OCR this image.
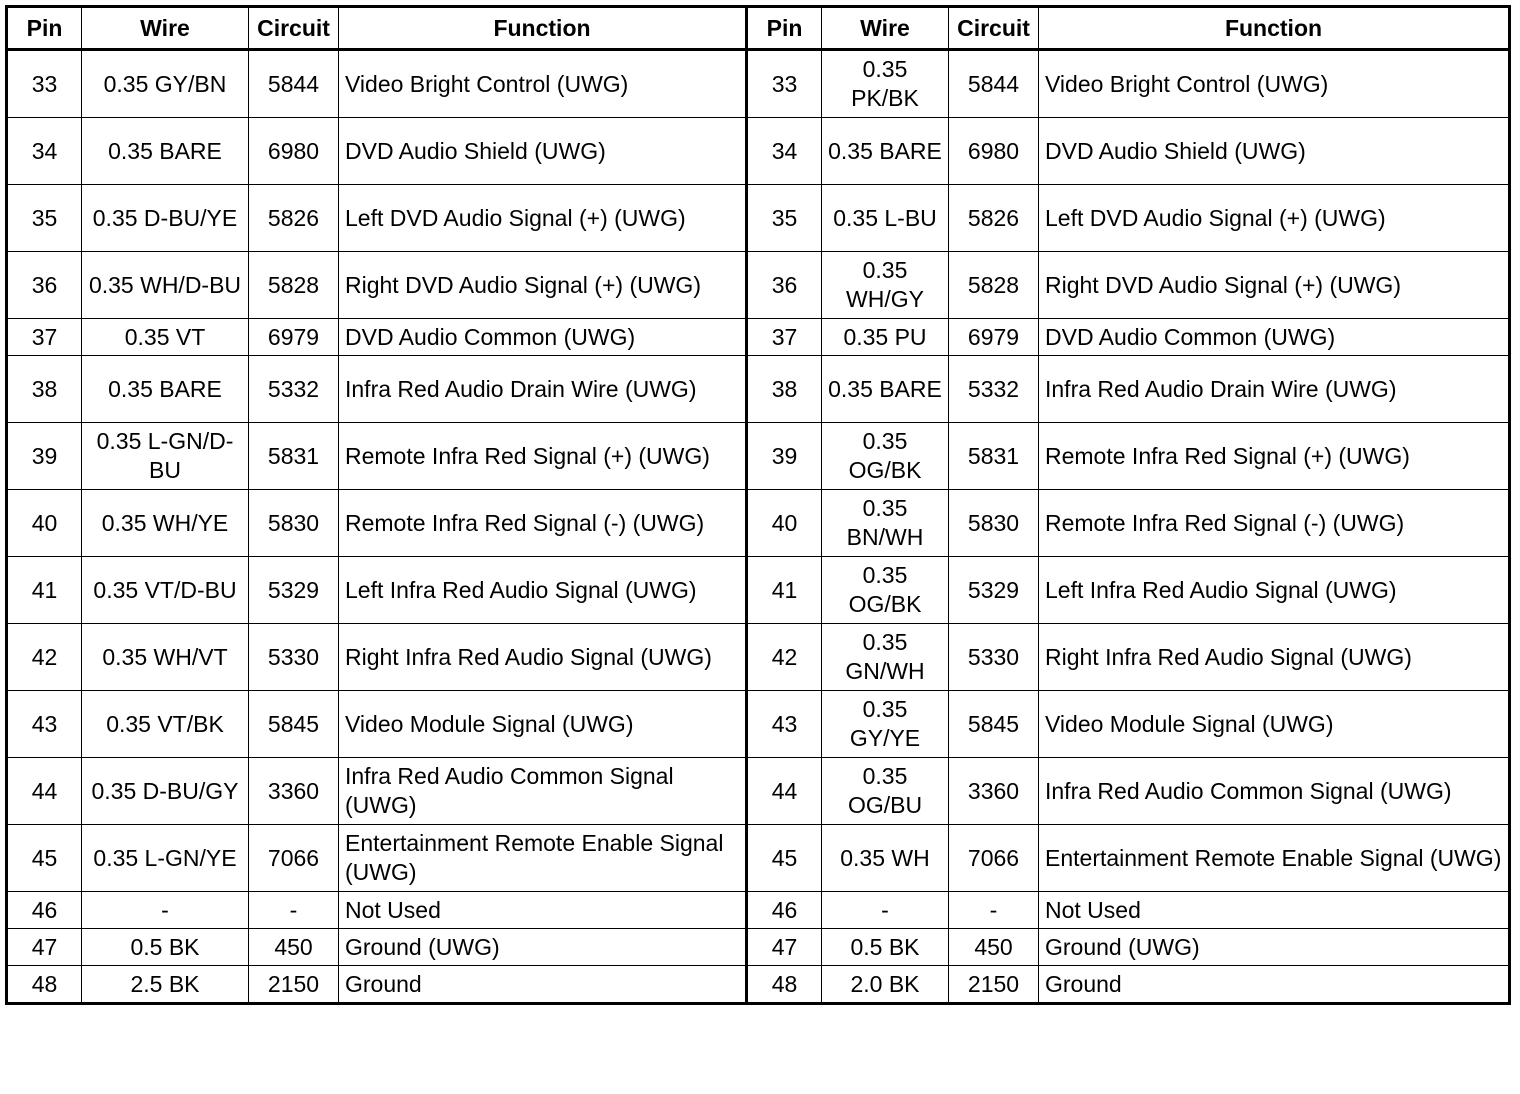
Pin	Wire	Circuit	Function	Pin	Wire	Circuit	Function
33	0.35 GY/BN	5844	Video Bright Control (UWG)	33	0.35 PK/BK	5844	Video Bright Control (UWG)
34	0.35 BARE	6980	DVD Audio Shield (UWG)	34	0.35 BARE	6980	DVD Audio Shield (UWG)
35	0.35 D-BU/YE	5826	Left DVD Audio Signal (+) (UWG)	35	0.35 L-BU	5826	Left DVD Audio Signal (+) (UWG)
36	0.35 WH/D-BU	5828	Right DVD Audio Signal (+) (UWG)	36	0.35 WH/GY	5828	Right DVD Audio Signal (+) (UWG)
37	0.35 VT	6979	DVD Audio Common (UWG)	37	0.35 PU	6979	DVD Audio Common (UWG)
38	0.35 BARE	5332	Infra Red Audio Drain Wire (UWG)	38	0.35 BARE	5332	Infra Red Audio Drain Wire (UWG)
39	0.35 L-GN/D-BU	5831	Remote Infra Red Signal (+) (UWG)	39	0.35 OG/BK	5831	Remote Infra Red Signal (+) (UWG)
40	0.35 WH/YE	5830	Remote Infra Red Signal (-) (UWG)	40	0.35 BN/WH	5830	Remote Infra Red Signal (-) (UWG)
41	0.35 VT/D-BU	5329	Left Infra Red Audio Signal (UWG)	41	0.35 OG/BK	5329	Left Infra Red Audio Signal (UWG)
42	0.35 WH/VT	5330	Right Infra Red Audio Signal (UWG)	42	0.35 GN/WH	5330	Right Infra Red Audio Signal (UWG)
43	0.35 VT/BK	5845	Video Module Signal (UWG)	43	0.35 GY/YE	5845	Video Module Signal (UWG)
44	0.35 D-BU/GY	3360	Infra Red Audio Common Signal (UWG)	44	0.35 OG/BU	3360	Infra Red Audio Common Signal (UWG)
45	0.35 L-GN/YE	7066	Entertainment Remote Enable Signal (UWG)	45	0.35 WH	7066	Entertainment Remote Enable Signal (UWG)
46	-	-	Not Used	46	-	-	Not Used
47	0.5 BK	450	Ground (UWG)	47	0.5 BK	450	Ground (UWG)
48	2.5 BK	2150	Ground	48	2.0 BK	2150	Ground
